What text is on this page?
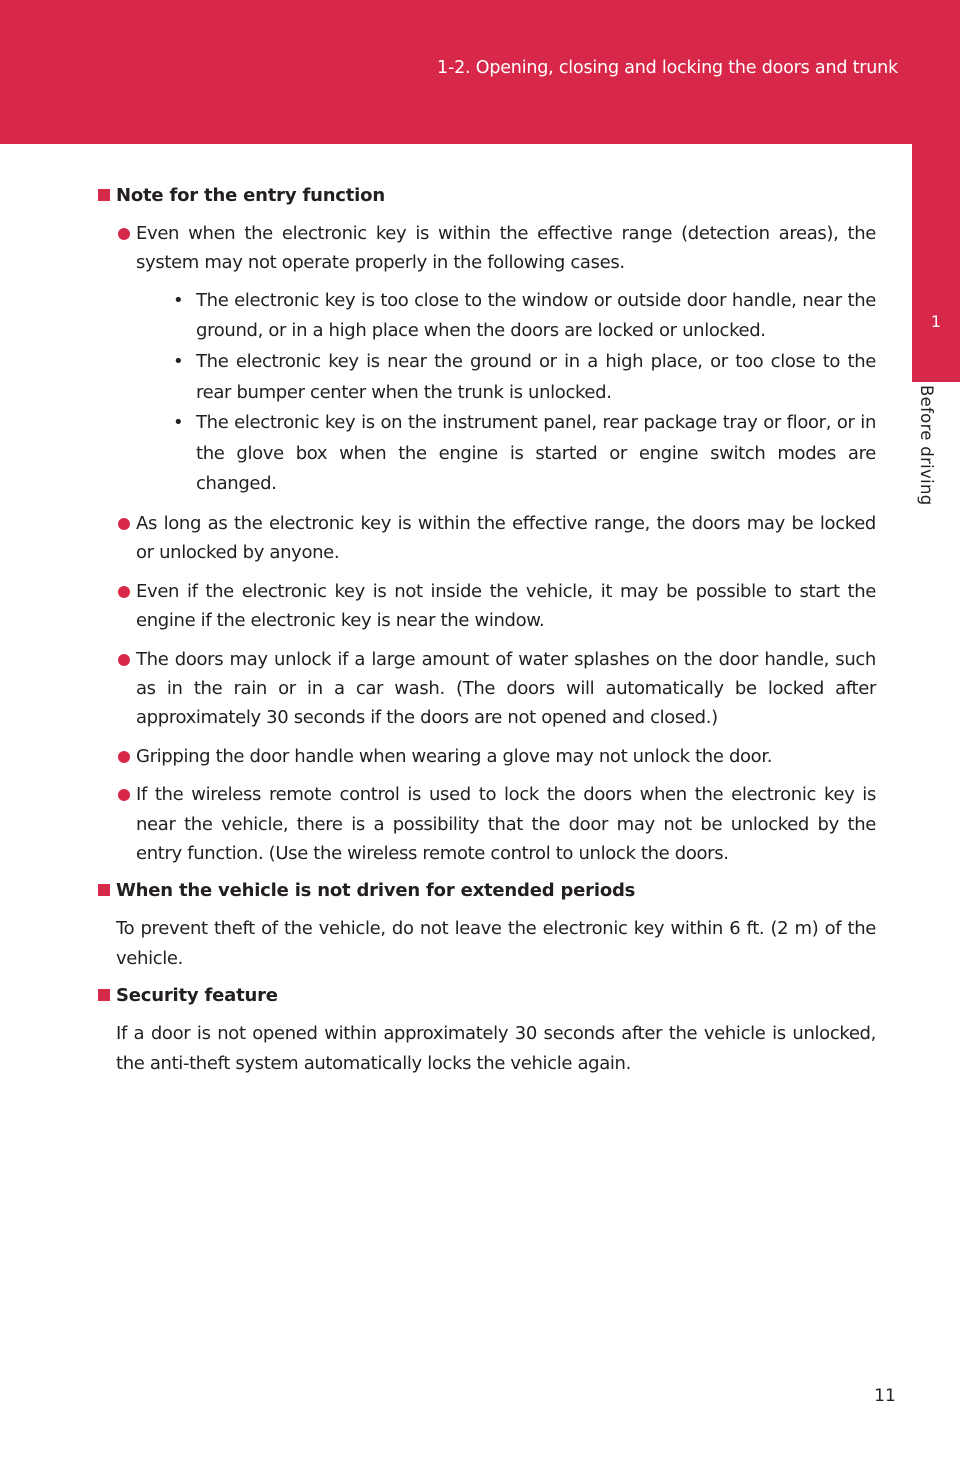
1-2. Opening, closing and locking the doors and trunk
1
Before driving
Note for the entry function
Even when the electronic key is within the effective range (detection areas), the system may not operate properly in the following cases.
• The electronic key is too close to the window or outside door handle, near the ground, or in a high place when the doors are locked or unlocked.
• The electronic key is near the ground or in a high place, or too close to the rear bumper center when the trunk is unlocked.
• The electronic key is on the instrument panel, rear package tray or floor, or in the glove box when the engine is started or engine switch modes are changed.
As long as the electronic key is within the effective range, the doors may be locked or unlocked by anyone.
Even if the electronic key is not inside the vehicle, it may be possible to start the engine if the electronic key is near the window.
The doors may unlock if a large amount of water splashes on the door handle, such as in the rain or in a car wash. (The doors will automatically be locked after approximately 30 seconds if the doors are not opened and closed.)
Gripping the door handle when wearing a glove may not unlock the door.
If the wireless remote control is used to lock the doors when the electronic key is near the vehicle, there is a possibility that the door may not be unlocked by the entry function. (Use the wireless remote control to unlock the doors.
When the vehicle is not driven for extended periods
To prevent theft of the vehicle, do not leave the electronic key within 6 ft. (2 m) of the vehicle.
Security feature
If a door is not opened within approximately 30 seconds after the vehicle is unlocked, the anti-theft system automatically locks the vehicle again.
11
